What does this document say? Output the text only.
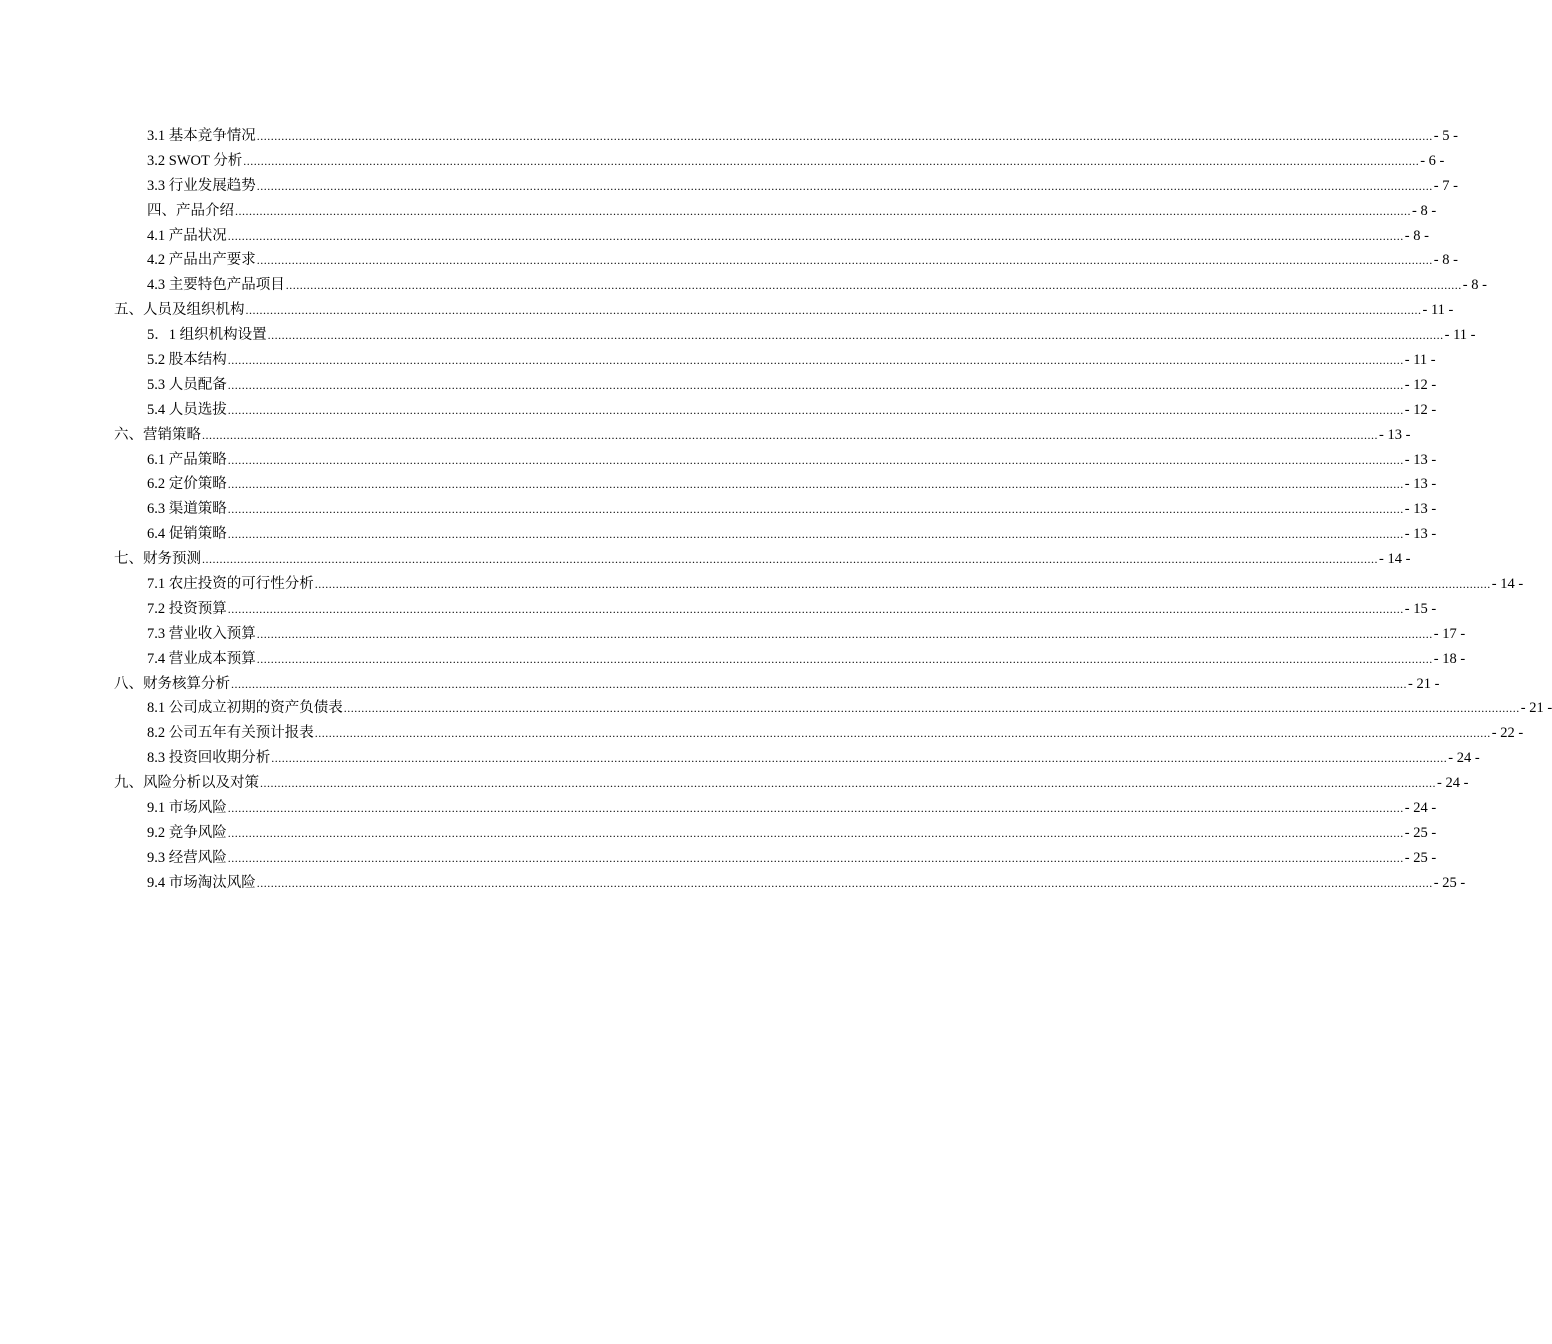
3.1 基本竞争情况 ................................................................................................................................................................................................................................................................................................................................................ - 5 -
3.2 SWOT 分析 ................................................................................................................................................................................................................................................................................................................................................ - 6 -
3.3 行业发展趋势 ................................................................................................................................................................................................................................................................................................................................................ - 7 -
四、产品介绍 ................................................................................................................................................................................................................................................................................................................................................ - 8 -
4.1 产品状况 ................................................................................................................................................................................................................................................................................................................................................ - 8 -
4.2 产品出产要求 ................................................................................................................................................................................................................................................................................................................................................ - 8 -
4.3 主要特色产品项目 ................................................................................................................................................................................................................................................................................................................................................ - 8 -
五、人员及组织机构 ................................................................................................................................................................................................................................................................................................................................................ - 11 -
5．1 组织机构设置 ................................................................................................................................................................................................................................................................................................................................................ - 11 -
5.2 股本结构 ................................................................................................................................................................................................................................................................................................................................................ - 11 -
5.3 人员配备 ................................................................................................................................................................................................................................................................................................................................................ - 12 -
5.4 人员选拔 ................................................................................................................................................................................................................................................................................................................................................ - 12 -
六、营销策略 ................................................................................................................................................................................................................................................................................................................................................ - 13 -
6.1 产品策略 ................................................................................................................................................................................................................................................................................................................................................ - 13 -
6.2 定价策略 ................................................................................................................................................................................................................................................................................................................................................ - 13 -
6.3 渠道策略 ................................................................................................................................................................................................................................................................................................................................................ - 13 -
6.4 促销策略 ................................................................................................................................................................................................................................................................................................................................................ - 13 -
七、财务预测 ................................................................................................................................................................................................................................................................................................................................................ - 14 -
7.1 农庄投资的可行性分析 ................................................................................................................................................................................................................................................................................................................................................ - 14 -
7.2 投资预算 ................................................................................................................................................................................................................................................................................................................................................ - 15 -
7.3 营业收入预算 ................................................................................................................................................................................................................................................................................................................................................ - 17 -
7.4 营业成本预算 ................................................................................................................................................................................................................................................................................................................................................ - 18 -
八、财务核算分析 ................................................................................................................................................................................................................................................................................................................................................ - 21 -
8.1 公司成立初期的资产负债表 ................................................................................................................................................................................................................................................................................................................................................ - 21 -
8.2 公司五年有关预计报表 ................................................................................................................................................................................................................................................................................................................................................ - 22 -
8.3 投资回收期分析 ................................................................................................................................................................................................................................................................................................................................................ - 24 -
九、风险分析以及对策 ................................................................................................................................................................................................................................................................................................................................................ - 24 -
9.1 市场风险 ................................................................................................................................................................................................................................................................................................................................................ - 24 -
9.2 竞争风险 ................................................................................................................................................................................................................................................................................................................................................ - 25 -
9.3 经营风险 ................................................................................................................................................................................................................................................................................................................................................ - 25 -
9.4 市场淘汰风险 ................................................................................................................................................................................................................................................................................................................................................ - 25 -
